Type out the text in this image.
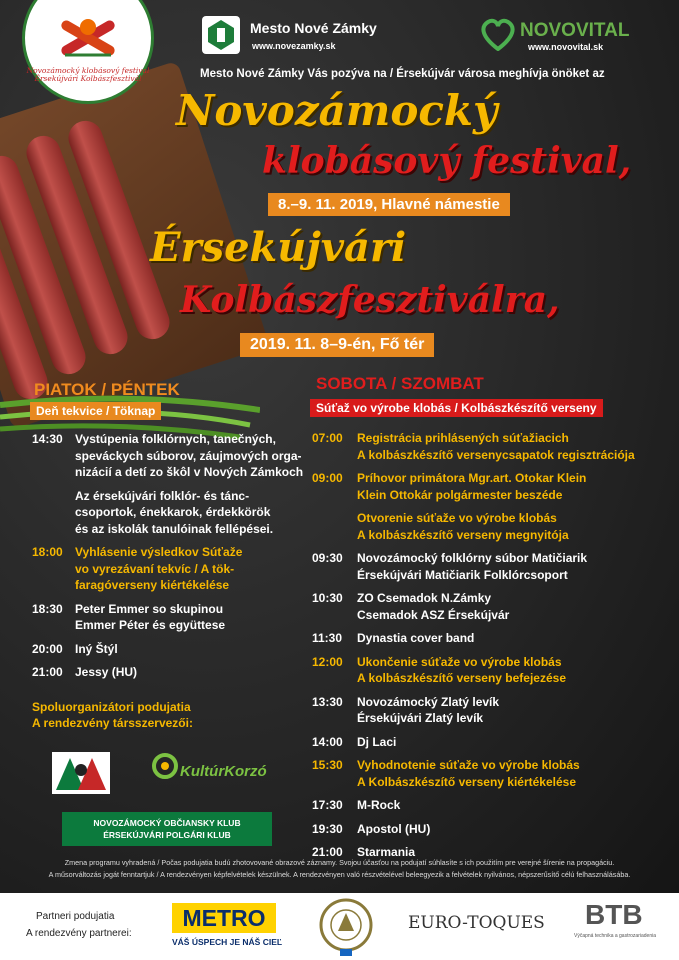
Novozámocký klobásový festival
Érsekújvári Kolbászfesztivál
Mesto Nové Zámky
www.novezamky.sk
NOVOVITAL
www.novovital.sk
Mesto Nové Zámky Vás pozýva na / Érsekújvár városa meghívja önöket az
Novozámocký
klobásový festival,
8.–9. 11. 2019, Hlavné námestie
Érsekújvári
Kolbászfesztiválra,
2019. 11. 8–9-én, Fő tér
PIATOK / PÉNTEK
Deň tekvice / Töknap
14:30 Vystúpenia folklórnych, tanečných,
speváckych súborov, záujmových orga-
nizácií a detí zo škôl v Nových Zámkoch
Az érsekújvári folklór- és tánc-
csoportok, énekkarok, érdekkörök
és az iskolák tanulóinak fellépései.
18:00 Vyhlásenie výsledkov Súťaže
vo vyrezávaní tekvíc / A tök-
faragóverseny kiértékelése
18:30 Peter Emmer so skupinou
Emmer Péter és együttese
20:00 Iný Štýl
21:00 Jessy (HU)
Spoluorganizátori podujatia
A rendezvény társszervezői:
KultúrKorzó
NOVOZÁMOCKÝ OBČIANSKY KLUB
ÉRSEKÚJVÁRI POLGÁRI KLUB
SOBOTA / SZOMBAT
Súťaž vo výrobe klobás / Kolbászkészítő verseny
07:00 Registrácia prihlásených súťažiacich
A kolbászkészítő versenycsapatok regisztrációja
09:00 Príhovor primátora Mgr.art. Otokar Klein
Klein Ottokár polgármester beszéde
Otvorenie súťaže vo výrobe klobás
A kolbászkészítő verseny megnyitója
09:30 Novozámocký folklórny súbor Matičiarik
Érsekújvári Matičiarik Folklórcsoport
10:30 ZO Csemadok N.Zámky
Csemadok ASZ Érsekújvár
11:30 Dynastia cover band
12:00 Ukončenie súťaže vo výrobe klobás
A kolbászkészítő verseny befejezése
13:30 Novozámocký Zlatý levík
Érsekújvári Zlatý levík
14:00 Dj Laci
15:30 Vyhodnotenie súťaže vo výrobe klobás
A Kolbászkészítő verseny kiértékelése
17:30 M-Rock
19:30 Apostol (HU)
21:00 Starmania
Zmena programu vyhradená / Počas podujatia budú zhotovované obrazové záznamy. Svojou účasťou na podujatí súhlasíte s ich použitím pre verejné šírenie na propagáciu.
A műsorváltozás jogát fenntartjuk / A rendezvényen képfelvételek készülnek. A rendezvényen való részvételével beleegyezik a felvételek nyilvános, népszerűsítő célú felhasználásába.
Partneri podujatia
A rendezvény partnerei:
METRO
VÁŠ ÚSPECH JE NÁŠ CIEĽ
EURO-TOQUES BTB
Výčapná technika a gastrozariadenia
